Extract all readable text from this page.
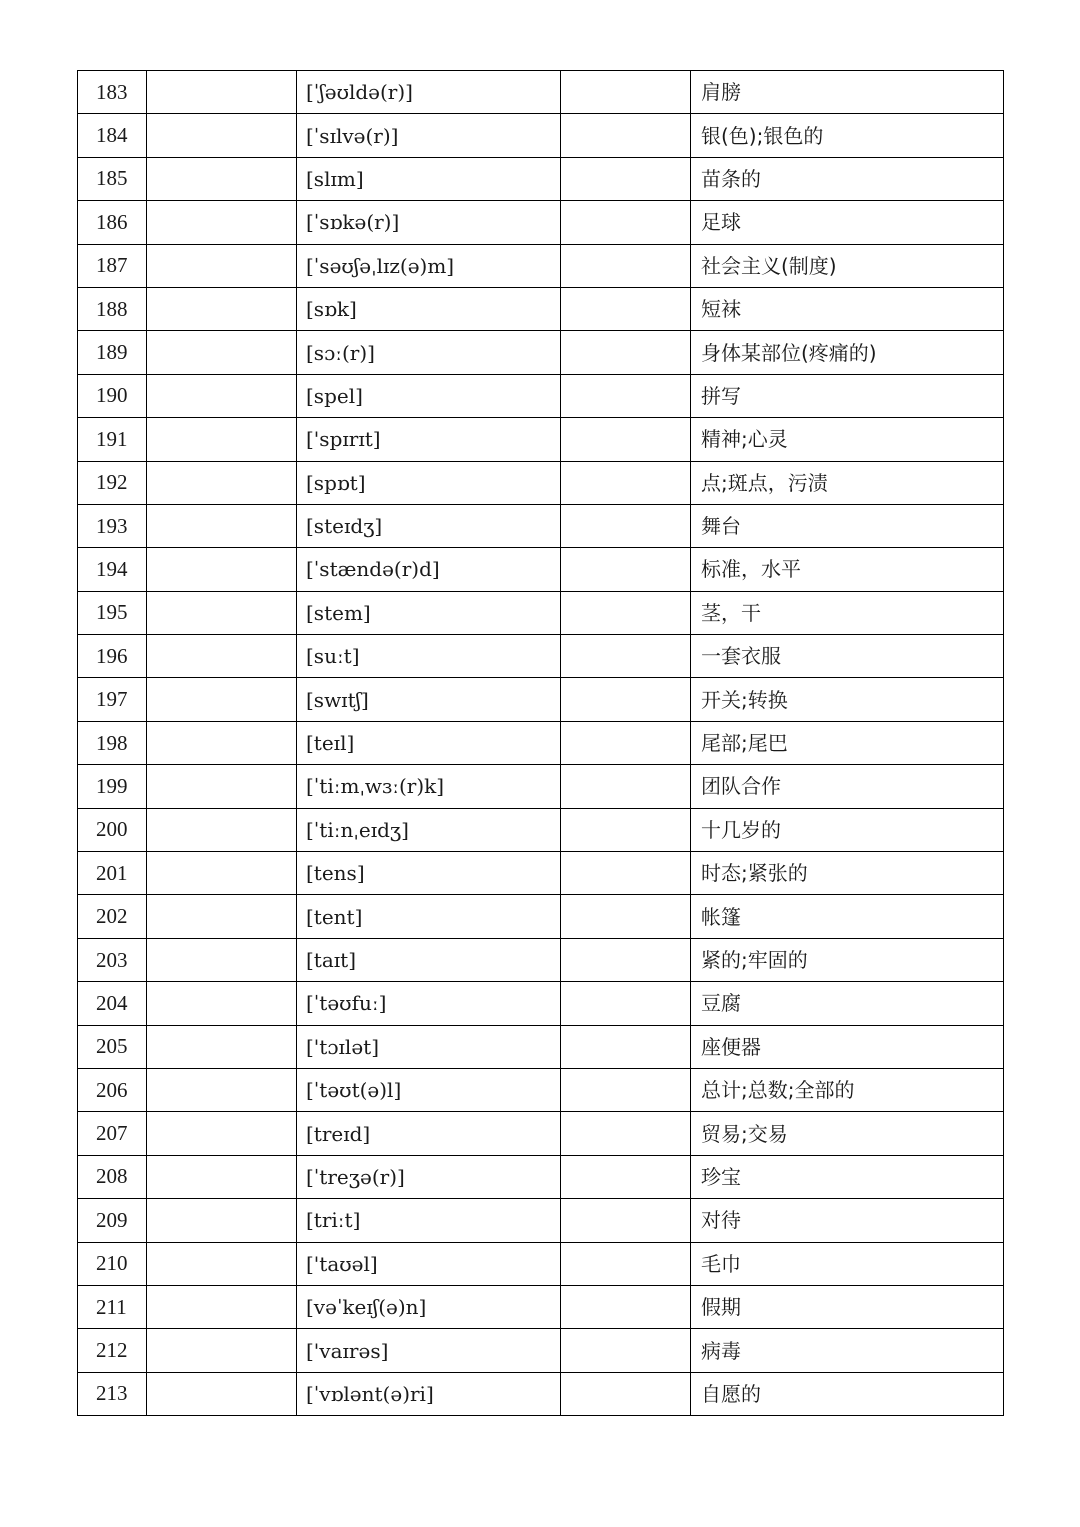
183		[ˈʃəʊldə(r)]		肩膀
184		[ˈsɪlvə(r)]		银(色);银色的
185		[slɪm]		苗条的
186		[ˈsɒkə(r)]		足球
187		[ˈsəʊʃəˌlɪz(ə)m]		社会主义(制度)
188		[sɒk]		短袜
189		[sɔː(r)]		身体某部位(疼痛的)
190		[spel]		拼写
191		['spɪrɪt]		精神;心灵
192		[spɒt]		点;斑点，污渍
193		[steɪdʒ]		舞台
194		[ˈstændə(r)d]		标准，水平
195		[stem]		茎，干
196		[suːt]		一套衣服
197		[swɪtʃ]		开关;转换
198		[teɪl]		尾部;尾巴
199		[ˈtiːmˌwɜː(r)k]		团队合作
200		[ˈtiːnˌeɪdʒ]		十几岁的
201		[tens]		时态;紧张的
202		[tent]		帐篷
203		[taɪt]		紧的;牢固的
204		[ˈtəʊfuː]		豆腐
205		['tɔɪlət]		座便器
206		[ˈtəʊt(ə)l]		总计;总数;全部的
207		[treɪd]		贸易;交易
208		[ˈtreʒə(r)]		珍宝
209		[triːt]		对待
210		['taʊəl]		毛巾
211		[vəˈkeɪʃ(ə)n]		假期
212		['vaɪrəs]		病毒
213		[ˈvɒlənt(ə)ri]		自愿的
